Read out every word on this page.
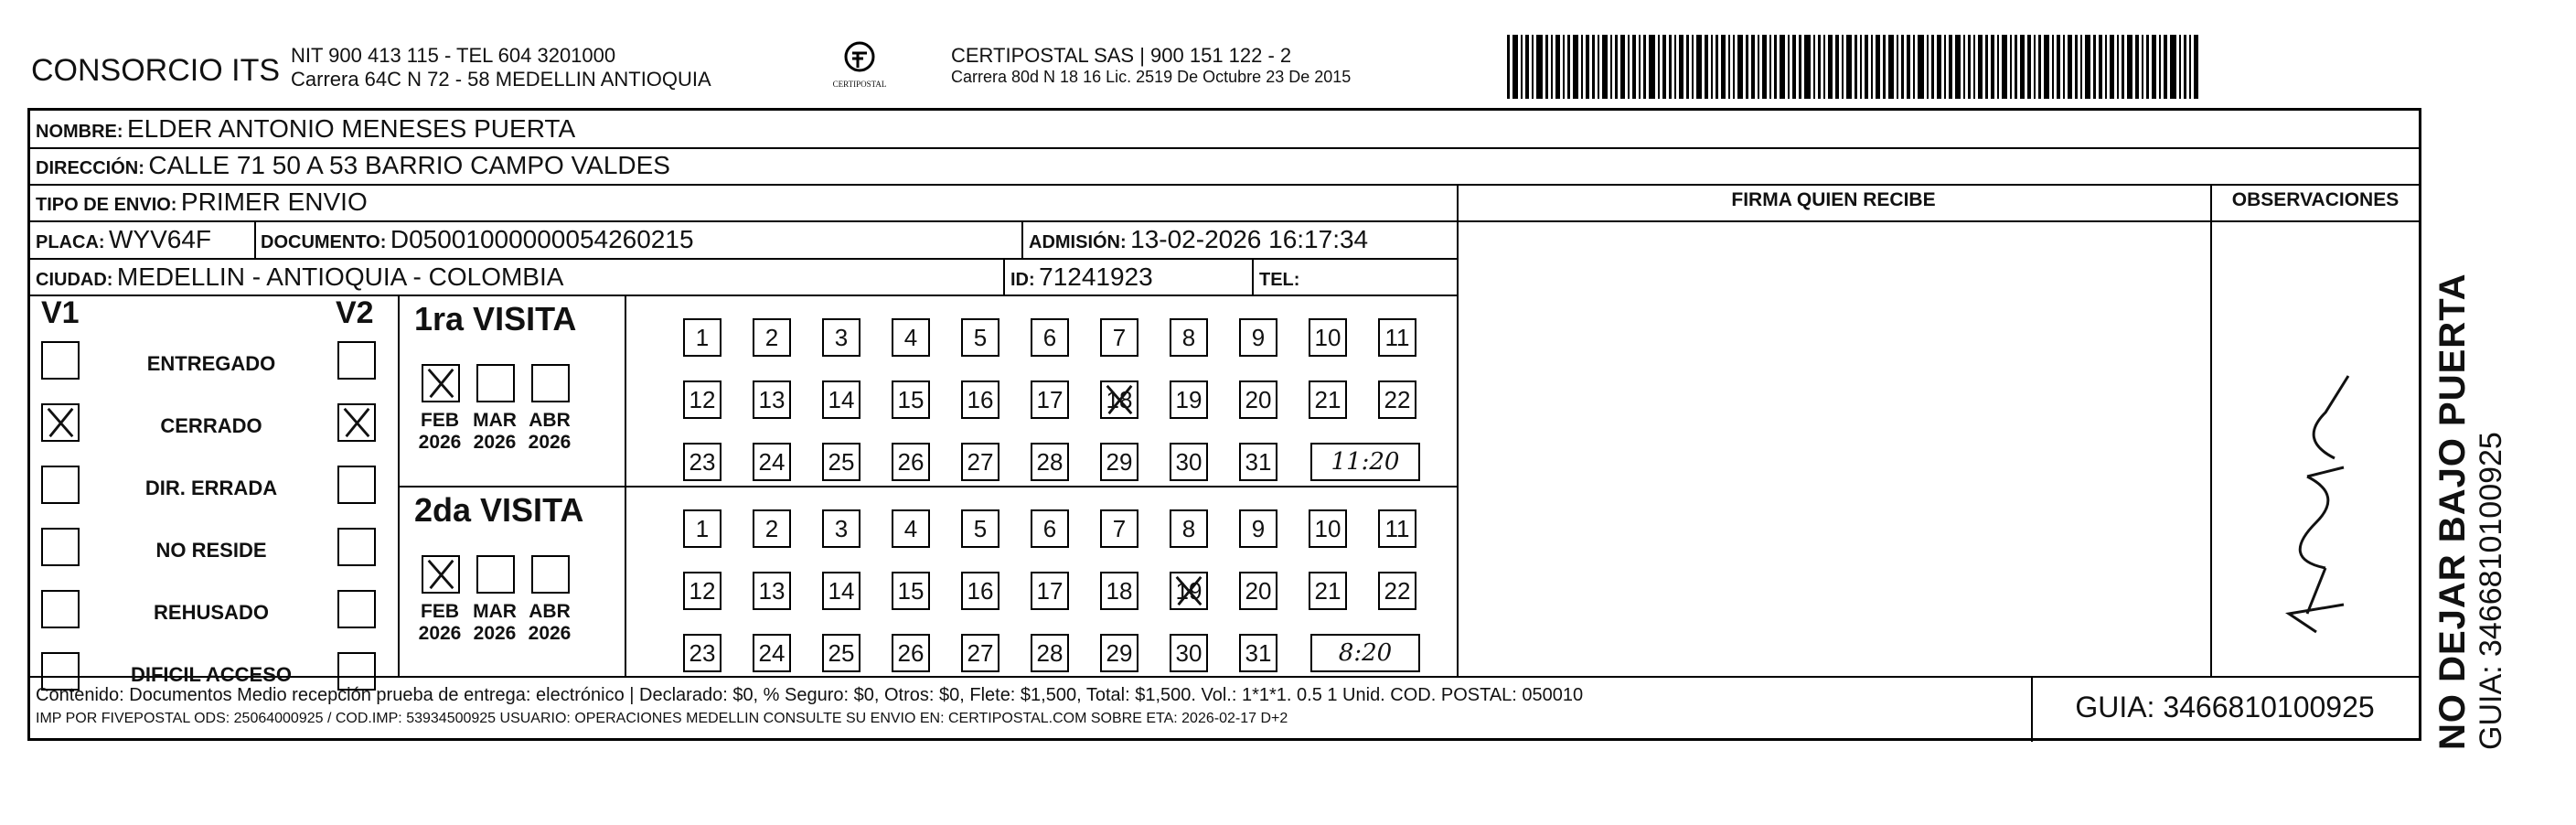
CONSORCIO ITS NIT 900 413 115 - TEL 604 3201000
Carrera 64C N 72 - 58 MEDELLIN ANTIOQUIA	CERTIPOSTAL
CERTIPOSTAL SAS | 900 151 122 - 2
Carrera 80d N 18 16 Lic. 2519 De Octubre 23 De 2015
NOMBRE: ELDER ANTONIO MENESES PUERTA
DIRECCIÓN: CALLE 71 50 A 53 BARRIO CAMPO VALDES
TIPO DE ENVIO: PRIMER ENVIO
PLACA: WYV64F	DOCUMENTO: D05001000000054260215	ADMISIÓN: 13-02-2026 16:17:34
CIUDAD: MEDELLIN - ANTIOQUIA - COLOMBIA	ID: 71241923	TEL:
FIRMA QUIEN RECIBE	OBSERVACIONES
V1	V2
ENTREGADO
CERRADO
DIR. ERRADA
NO RESIDE
REHUSADO
DIFICIL ACCESO
1ra VISITA
FEB
2026
MAR
2026
ABR
2026
1 2 3 4 5 6 7 8 9 10 11
12 13 14 15 16 17 18 19 20 21 22
23 24 25 26 27 28 29 30 31	11:20
2da VISITA
FEB
2026
MAR
2026
ABR
2026
1 2 3 4 5 6 7 8 9 10 11
12 13 14 15 16 17 18 19 20 21 22
23 24 25 26 27 28 29 30 31	8:20
Contenido: Documentos Medio recepción prueba de entrega: electrónico | Declarado: $0, % Seguro: $0, Otros: $0, Flete: $1,500, Total: $1,500. Vol.: 1*1*1. 0.5 1 Unid. COD. POSTAL: 050010
IMP POR FIVEPOSTAL ODS: 25064000925 / COD.IMP: 53934500925 USUARIO: OPERACIONES MEDELLIN CONSULTE SU ENVIO EN: CERTIPOSTAL.COM SOBRE ETA: 2026-02-17 D+2	GUIA: 3466810100925	NO DEJAR BAJO PUERTA GUIA: 3466810100925
